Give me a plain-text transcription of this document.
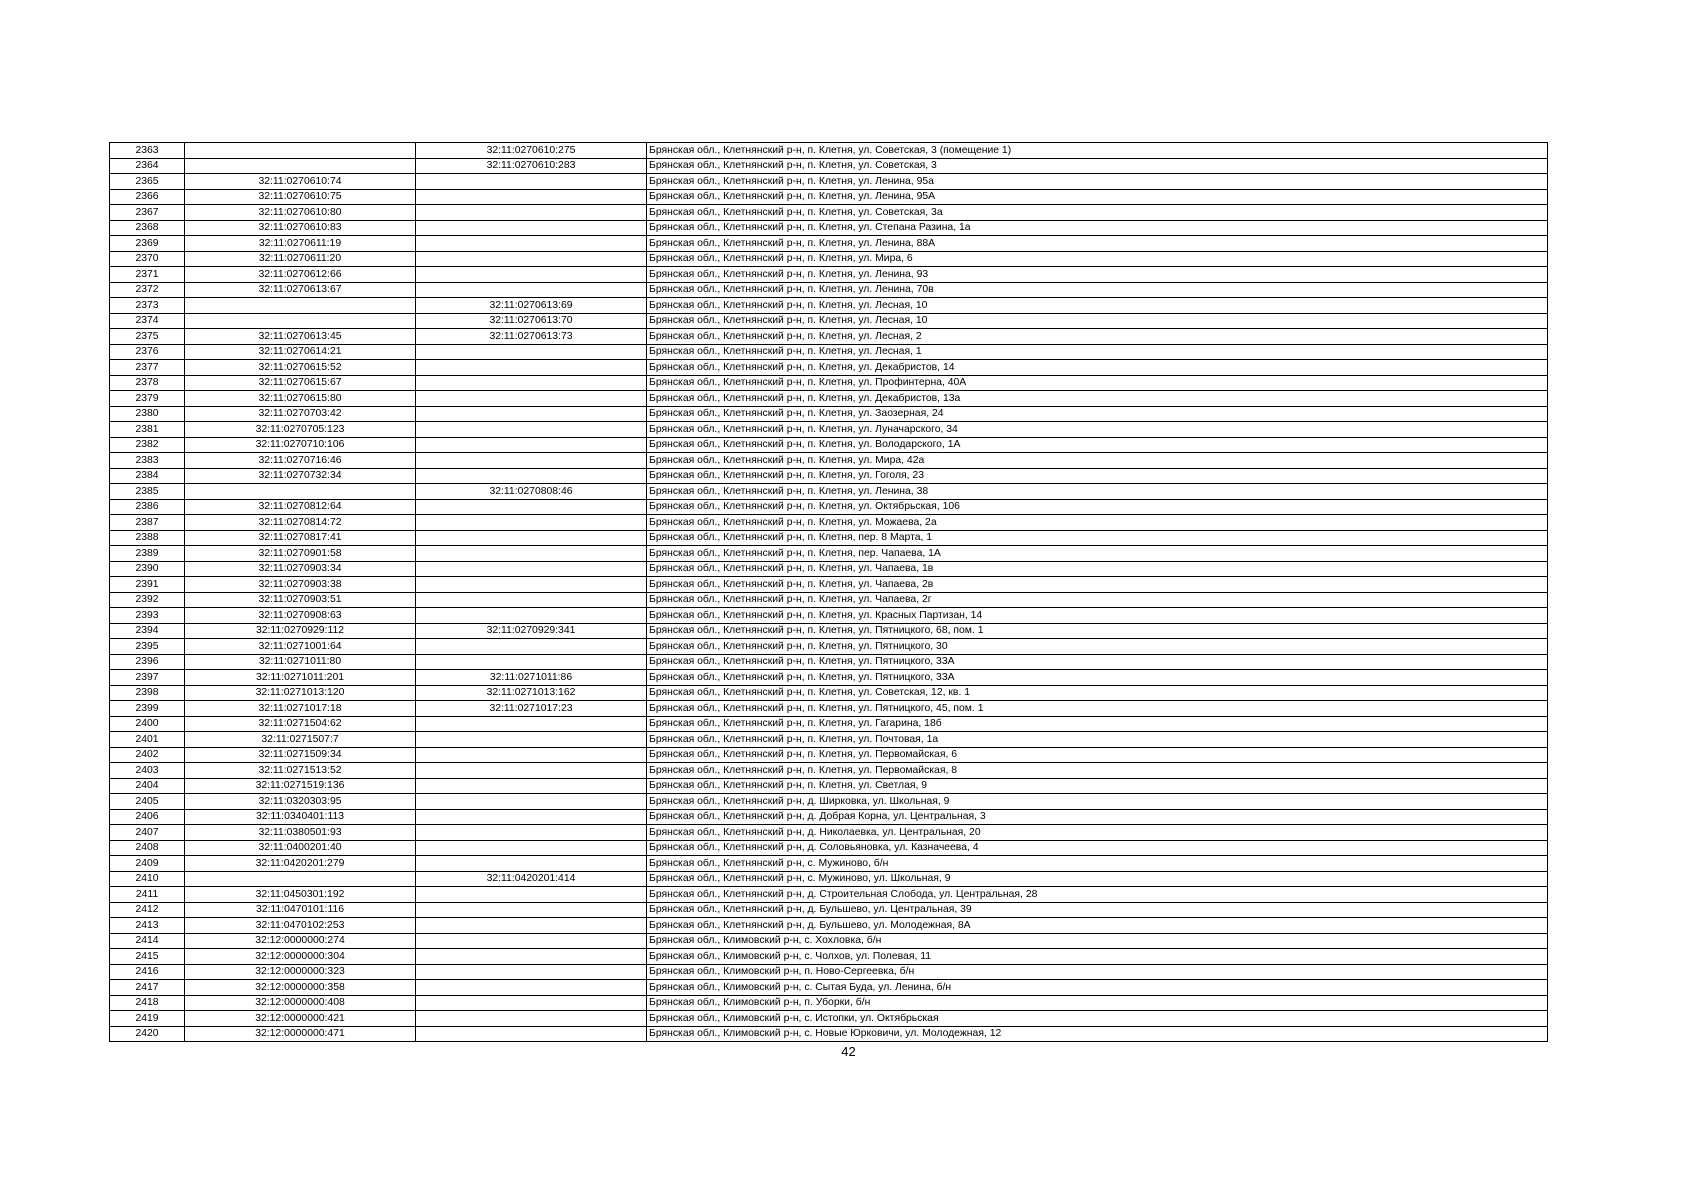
2363		32:11:0270610:275	Брянская обл., Клетнянский р-н, п. Клетня, ул. Советская, 3 (помещение 1)
2364		32:11:0270610:283	Брянская обл., Клетнянский р-н, п. Клетня, ул. Советская, 3
2365	32:11:0270610:74		Брянская обл., Клетнянский р-н, п. Клетня, ул. Ленина, 95а
2366	32:11:0270610:75		Брянская обл., Клетнянский р-н, п. Клетня, ул. Ленина, 95А
2367	32:11:0270610:80		Брянская обл., Клетнянский р-н, п. Клетня, ул. Советская, 3а
2368	32:11:0270610:83		Брянская обл., Клетнянский р-н, п. Клетня, ул. Степана Разина, 1а
2369	32:11:0270611:19		Брянская обл., Клетнянский р-н, п. Клетня, ул. Ленина, 88А
2370	32:11:0270611:20		Брянская обл., Клетнянский р-н, п. Клетня, ул. Мира, 6
2371	32:11:0270612:66		Брянская обл., Клетнянский р-н, п. Клетня, ул. Ленина, 93
2372	32:11:0270613:67		Брянская обл., Клетнянский р-н, п. Клетня, ул. Ленина, 70в
2373		32:11:0270613:69	Брянская обл., Клетнянский р-н, п. Клетня, ул. Лесная, 10
2374		32:11:0270613:70	Брянская обл., Клетнянский р-н, п. Клетня, ул. Лесная, 10
2375	32:11:0270613:45	32:11:0270613:73	Брянская обл., Клетнянский р-н, п. Клетня, ул. Лесная, 2
2376	32:11:0270614:21		Брянская обл., Клетнянский р-н, п. Клетня, ул. Лесная, 1
2377	32:11:0270615:52		Брянская обл., Клетнянский р-н, п. Клетня, ул. Декабристов, 14
2378	32:11:0270615:67		Брянская обл., Клетнянский р-н, п. Клетня, ул. Профинтерна, 40А
2379	32:11:0270615:80		Брянская обл., Клетнянский р-н, п. Клетня, ул. Декабристов, 13а
2380	32:11:0270703:42		Брянская обл., Клетнянский р-н, п. Клетня, ул. Заозерная, 24
2381	32:11:0270705:123		Брянская обл., Клетнянский р-н, п. Клетня, ул. Луначарского, 34
2382	32:11:0270710:106		Брянская обл., Клетнянский р-н, п. Клетня, ул. Володарского, 1А
2383	32:11:0270716:46		Брянская обл., Клетнянский р-н, п. Клетня, ул. Мира, 42а
2384	32:11:0270732:34		Брянская обл., Клетнянский р-н, п. Клетня, ул. Гоголя, 23
2385		32:11:0270808:46	Брянская обл., Клетнянский р-н, п. Клетня, ул. Ленина, 38
2386	32:11:0270812:64		Брянская обл., Клетнянский р-н, п. Клетня, ул. Октябрьская, 106
2387	32:11:0270814:72		Брянская обл., Клетнянский р-н, п. Клетня, ул. Можаева, 2а
2388	32:11:0270817:41		Брянская обл., Клетнянский р-н, п. Клетня, пер. 8 Марта, 1
2389	32:11:0270901:58		Брянская обл., Клетнянский р-н, п. Клетня, пер. Чапаева, 1А
2390	32:11:0270903:34		Брянская обл., Клетнянский р-н, п. Клетня, ул. Чапаева, 1в
2391	32:11:0270903:38		Брянская обл., Клетнянский р-н, п. Клетня, ул. Чапаева, 2в
2392	32:11:0270903:51		Брянская обл., Клетнянский р-н, п. Клетня, ул. Чапаева, 2г
2393	32:11:0270908:63		Брянская обл., Клетнянский р-н, п. Клетня, ул. Красных Партизан, 14
2394	32:11:0270929:112	32:11:0270929:341	Брянская обл., Клетнянский р-н, п. Клетня, ул. Пятницкого, 68, пом. 1
2395	32:11:0271001:64		Брянская обл., Клетнянский р-н, п. Клетня, ул. Пятницкого, 30
2396	32:11:0271011:80		Брянская обл., Клетнянский р-н, п. Клетня, ул. Пятницкого, 33А
2397	32:11:0271011:201	32:11:0271011:86	Брянская обл., Клетнянский р-н, п. Клетня, ул. Пятницкого, 33А
2398	32:11:0271013:120	32:11:0271013:162	Брянская обл., Клетнянский р-н, п. Клетня, ул. Советская, 12, кв. 1
2399	32:11:0271017:18	32:11:0271017:23	Брянская обл., Клетнянский р-н, п. Клетня, ул. Пятницкого, 45, пом. 1
2400	32:11:0271504:62		Брянская обл., Клетнянский р-н, п. Клетня, ул. Гагарина, 18б
2401	32:11:0271507:7		Брянская обл., Клетнянский р-н, п. Клетня, ул. Почтовая, 1а
2402	32:11:0271509:34		Брянская обл., Клетнянский р-н, п. Клетня, ул. Первомайская, 6
2403	32:11:0271513:52		Брянская обл., Клетнянский р-н, п. Клетня, ул. Первомайская, 8
2404	32:11:0271519:136		Брянская обл., Клетнянский р-н, п. Клетня, ул. Светлая, 9
2405	32:11:0320303:95		Брянская обл., Клетнянский р-н, д. Ширковка, ул. Школьная, 9
2406	32:11:0340401:113		Брянская обл., Клетнянский р-н, д. Добрая Корна, ул. Центральная, 3
2407	32:11:0380501:93		Брянская обл., Клетнянский р-н, д. Николаевка, ул. Центральная, 20
2408	32:11:0400201:40		Брянская обл., Клетнянский р-н, д. Соловьяновка, ул. Казначеева, 4
2409	32:11:0420201:279		Брянская обл., Клетнянский р-н, с. Мужиново, б/н
2410		32:11:0420201:414	Брянская обл., Клетнянский р-н, с. Мужиново, ул. Школьная, 9
2411	32:11:0450301:192		Брянская обл., Клетнянский р-н, д. Строительная Слобода, ул. Центральная, 28
2412	32:11:0470101:116		Брянская обл., Клетнянский р-н, д. Бульшево, ул. Центральная, 39
2413	32:11:0470102:253		Брянская обл., Клетнянский р-н, д. Бульшево, ул. Молодежная, 8А
2414	32:12:0000000:274		Брянская обл., Климовский р-н, с. Хохловка, б/н
2415	32:12:0000000:304		Брянская обл., Климовский р-н, с. Чолхов, ул. Полевая, 11
2416	32:12:0000000:323		Брянская обл., Климовский р-н, п. Ново-Сергеевка, б/н
2417	32:12:0000000:358		Брянская обл., Климовский р-н, с. Сытая Буда, ул. Ленина, б/н
2418	32:12:0000000:408		Брянская обл., Климовский р-н, п. Уборки, б/н
2419	32:12:0000000:421		Брянская обл., Климовский р-н, с. Истопки, ул. Октябрьская
2420	32:12:0000000:471		Брянская обл., Климовский р-н, с. Новые Юрковичи, ул. Молодежная, 12
42
